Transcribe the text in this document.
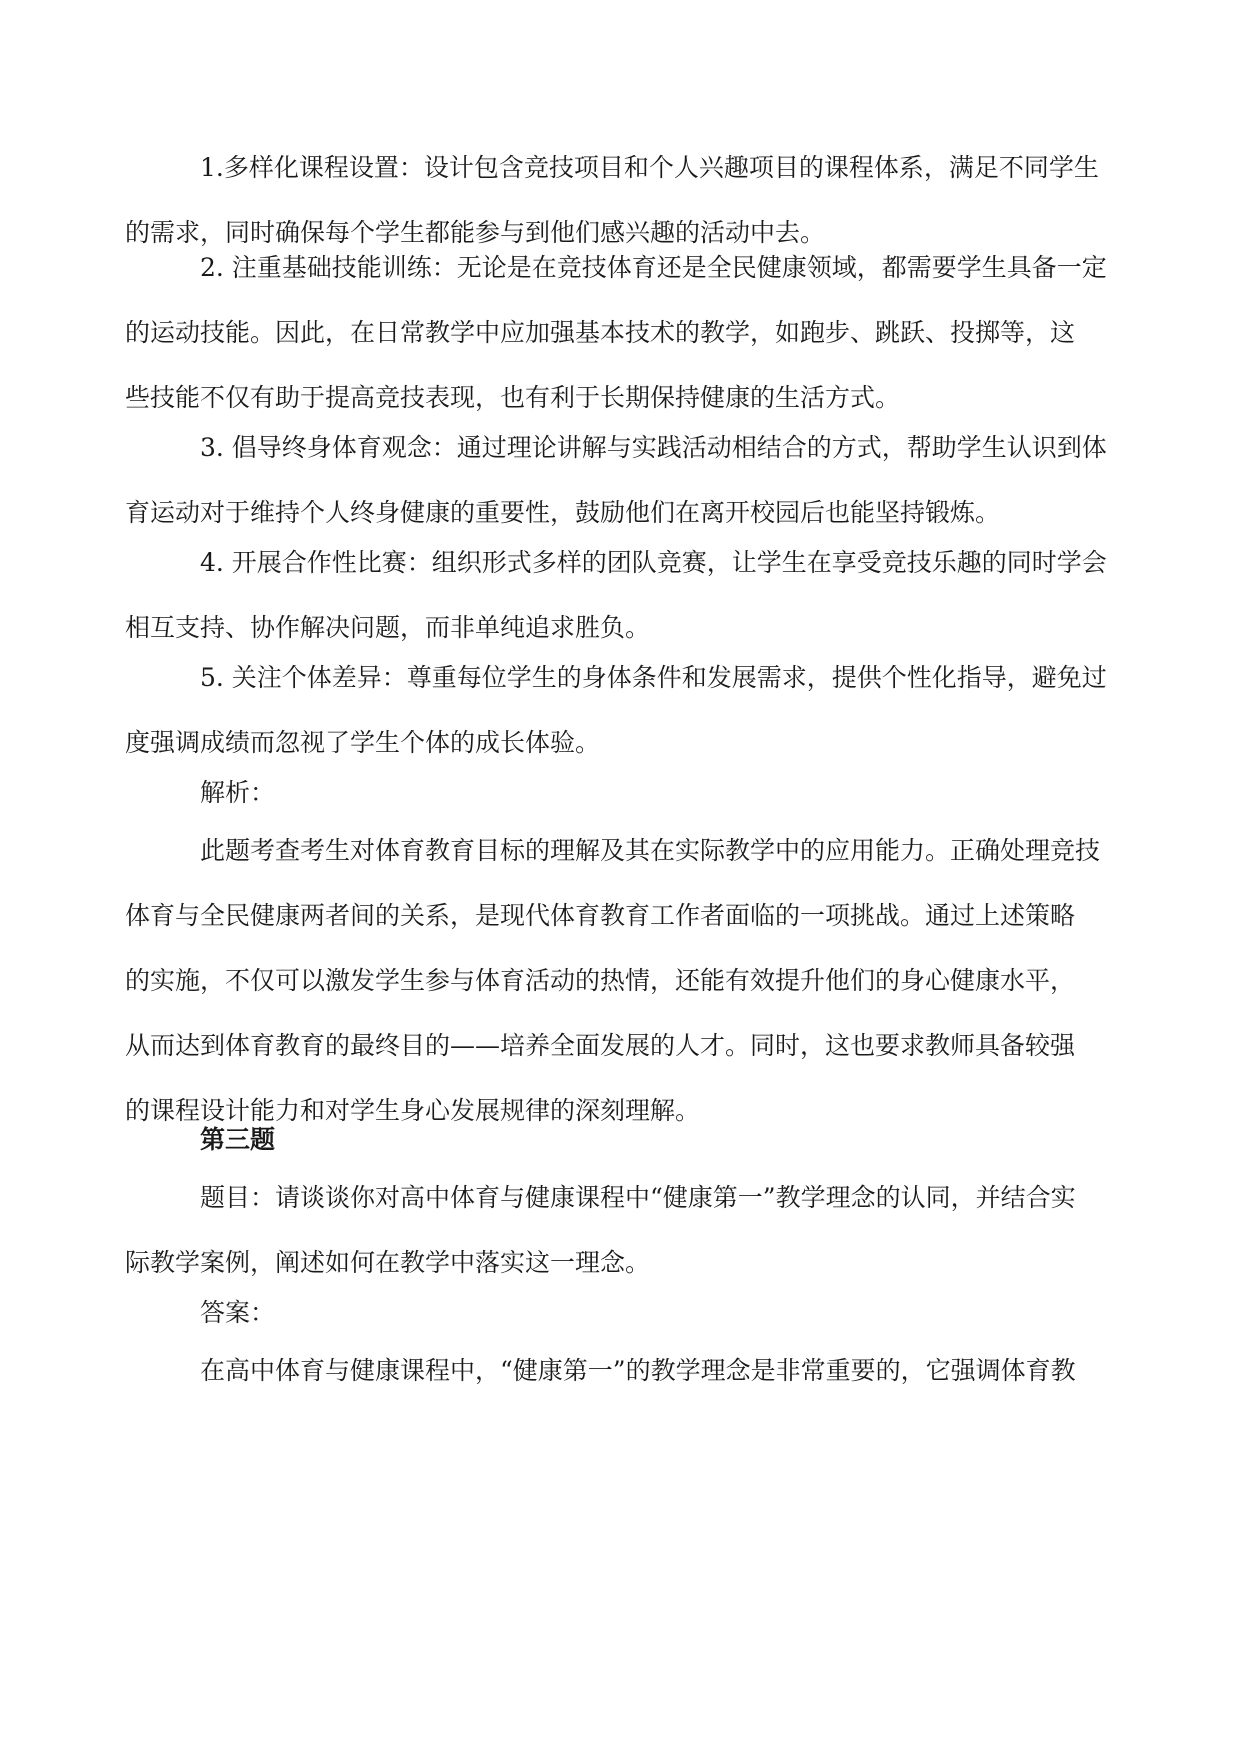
1.多样化课程设置：设计包含竞技项目和个人兴趣项目的课程体系，满足不同学生
的需求，同时确保每个学生都能参与到他们感兴趣的活动中去。
2. 注重基础技能训练：无论是在竞技体育还是全民健康领域，都需要学生具备一定
的运动技能。因此，在日常教学中应加强基本技术的教学，如跑步、跳跃、投掷等，这
些技能不仅有助于提高竞技表现，也有利于长期保持健康的生活方式。
3. 倡导终身体育观念：通过理论讲解与实践活动相结合的方式，帮助学生认识到体
育运动对于维持个人终身健康的重要性，鼓励他们在离开校园后也能坚持锻炼。
4. 开展合作性比赛：组织形式多样的团队竞赛，让学生在享受竞技乐趣的同时学会
相互支持、协作解决问题，而非单纯追求胜负。
5. 关注个体差异：尊重每位学生的身体条件和发展需求，提供个性化指导，避免过
度强调成绩而忽视了学生个体的成长体验。
解析：
此题考查考生对体育教育目标的理解及其在实际教学中的应用能力。正确处理竞技
体育与全民健康两者间的关系，是现代体育教育工作者面临的一项挑战。通过上述策略
的实施，不仅可以激发学生参与体育活动的热情，还能有效提升他们的身心健康水平，
从而达到体育教育的最终目的——培养全面发展的人才。同时，这也要求教师具备较强
的课程设计能力和对学生身心发展规律的深刻理解。
第三题
题目：请谈谈你对高中体育与健康课程中“健康第一”教学理念的认同，并结合实
际教学案例，阐述如何在教学中落实这一理念。
答案：
在高中体育与健康课程中，“健康第一”的教学理念是非常重要的，它强调体育教
